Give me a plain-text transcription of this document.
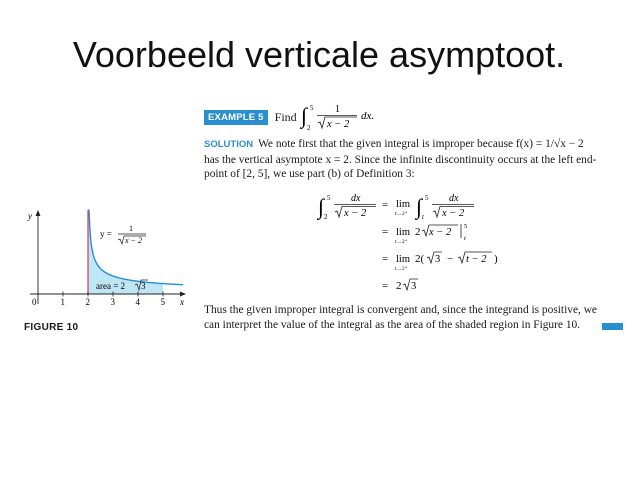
Voorbeeld verticale asymptoot.
EXAMPLE 5 Find ∫ 5
2
1
x − 2
dx.
SOLUTION We note first that the given integral is improper because f(x) = 1/√x − 2
has the vertical asymptote x = 2. Since the infinite discontinuity occurs at the left end-
point of [2, 5], we use part (b) of Definition 3:
∫ 5
2
dx
x − 2
= lim
t→2⁺ ∫ 5
t
dx
x − 2
= lim
t→2⁺
2 x − 2
5
t
= lim
t→2⁺
2( 3 − t − 2 )
= 2 3
Thus the given improper integral is convergent and, since the integrand is positive, we
can interpret the value of the integral as the area of the shaded region in Figure 10.
1 2 3 4 5
y
x
0
y =
1
x − 2
area = 2 3
FIGURE 10
